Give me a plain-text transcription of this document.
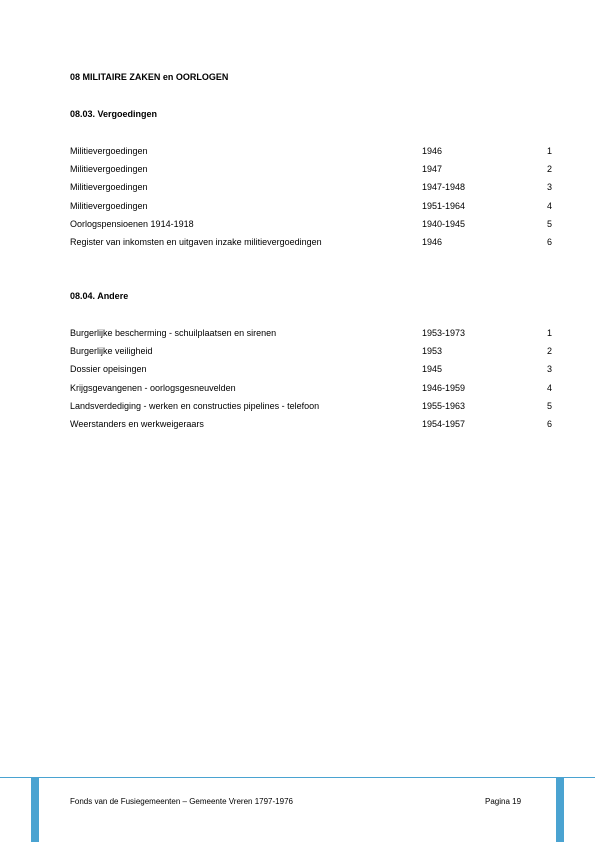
08 MILITAIRE ZAKEN en OORLOGEN
08.03. Vergoedingen
Militievergoedingen	1946	1
Militievergoedingen	1947	2
Militievergoedingen	1947-1948	3
Militievergoedingen	1951-1964	4
Oorlogspensioenen 1914-1918	1940-1945	5
Register van inkomsten en uitgaven inzake militievergoedingen	1946	6
08.04. Andere
Burgerlijke bescherming - schuilplaatsen en sirenen	1953-1973	1
Burgerlijke veiligheid	1953	2
Dossier opeisingen	1945	3
Krijgsgevangenen - oorlogsgesneuvelden	1946-1959	4
Landsverdediging - werken en constructies pipelines - telefoon	1955-1963	5
Weerstanders en werkweigeraars	1954-1957	6
Fonds van de Fusiegemeenten – Gemeente Vreren 1797-1976	Pagina 19
